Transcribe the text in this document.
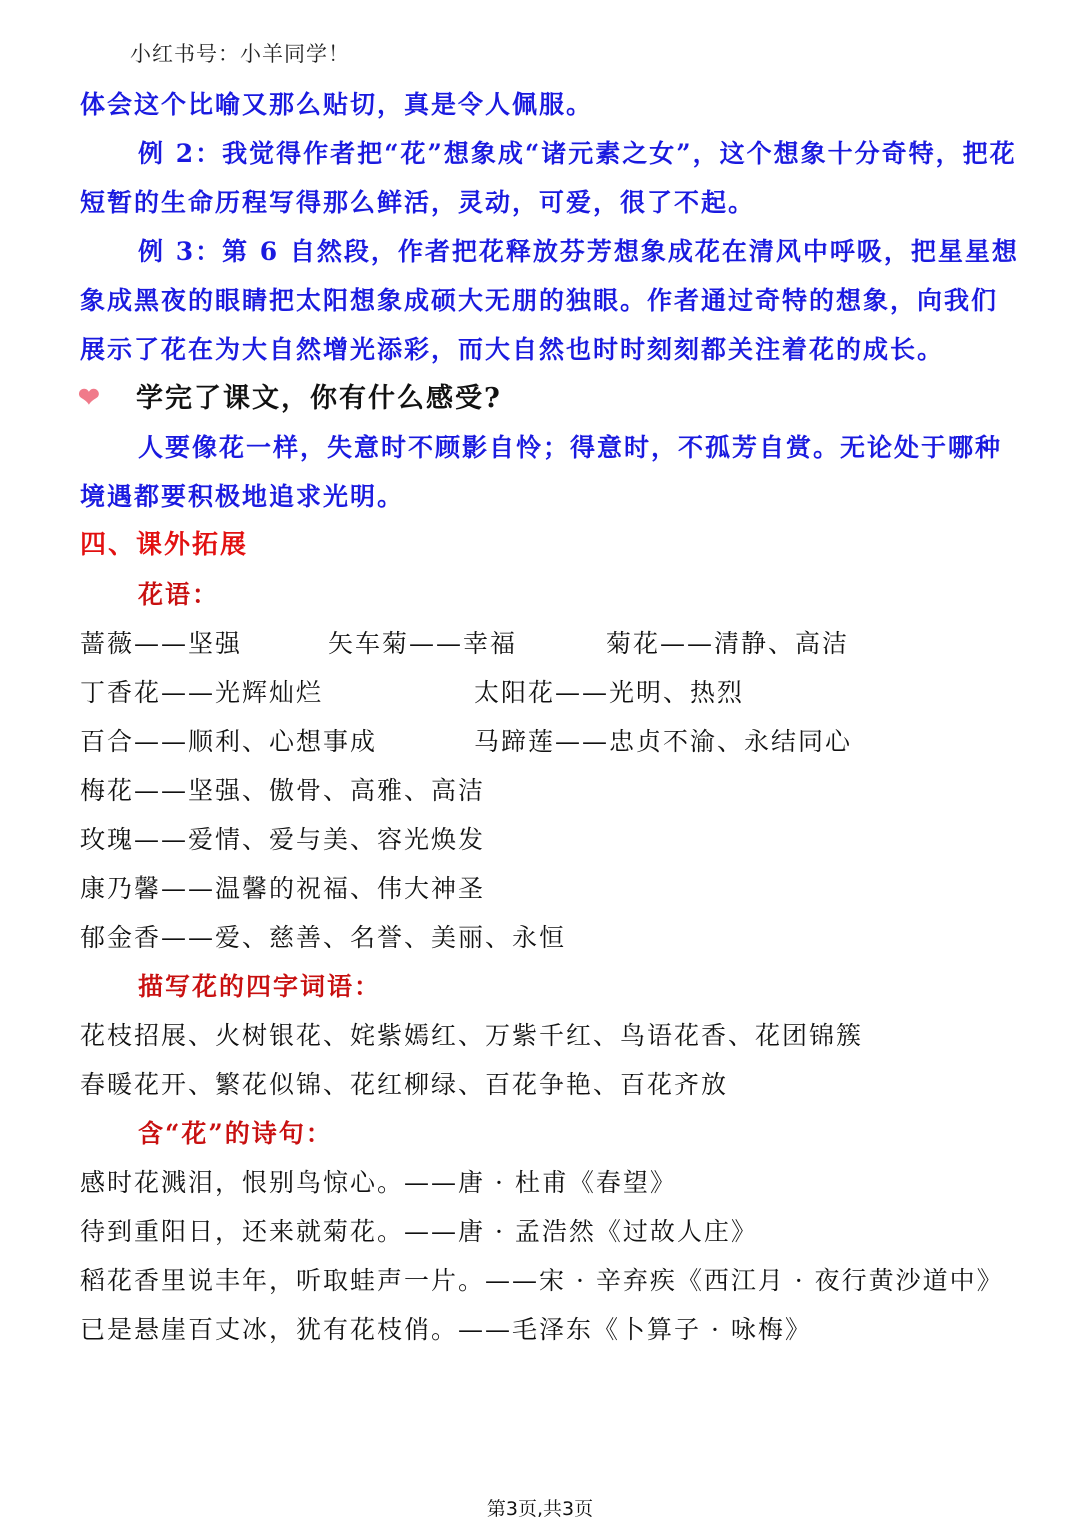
小红书号：小羊同学！

体会这个比喻又那么贴切，真是令人佩服。

例 2：我觉得作者把“花”想象成“诸元素之女”，这个想象十分奇特，把花短暂的生命历程写得那么鲜活，灵动，可爱，很了不起。

例 3：第 6 自然段，作者把花释放芬芳想象成花在清风中呼吸，把星星想象成黑夜的眼睛把太阳想象成硕大无朋的独眼。作者通过奇特的想象，向我们展示了花在为大自然增光添彩，而大自然也时时刻刻都关注着花的成长。

❤	学完了课文，你有什么感受?

人要像花一样，失意时不顾影自怜；得意时，不孤芳自赏。无论处于哪种境遇都要积极地追求光明。

四、课外拓展
花语：
蔷薇——坚强	矢车菊——幸福	菊花——清静、高洁
丁香花——光辉灿烂	太阳花——光明、热烈
百合——顺利、心想事成	马蹄莲——忠贞不渝、永结同心
梅花——坚强、傲骨、高雅、高洁
玫瑰——爱情、爱与美、容光焕发
康乃馨——温馨的祝福、伟大神圣
郁金香——爱、慈善、名誉、美丽、永恒
描写花的四字词语：
花枝招展、火树银花、姹紫嫣红、万紫千红、鸟语花香、花团锦簇
春暖花开、繁花似锦、花红柳绿、百花争艳、百花齐放
含“花”的诗句：
感时花溅泪，恨别鸟惊心。——唐 · 杜甫《春望》
待到重阳日，还来就菊花。——唐 · 孟浩然《过故人庄》
稻花香里说丰年，听取蛙声一片。——宋 · 辛弃疾《西江月 · 夜行黄沙道中》
已是悬崖百丈冰，犹有花枝俏。——毛泽东《卜算子 · 咏梅》
第3页,共3页
